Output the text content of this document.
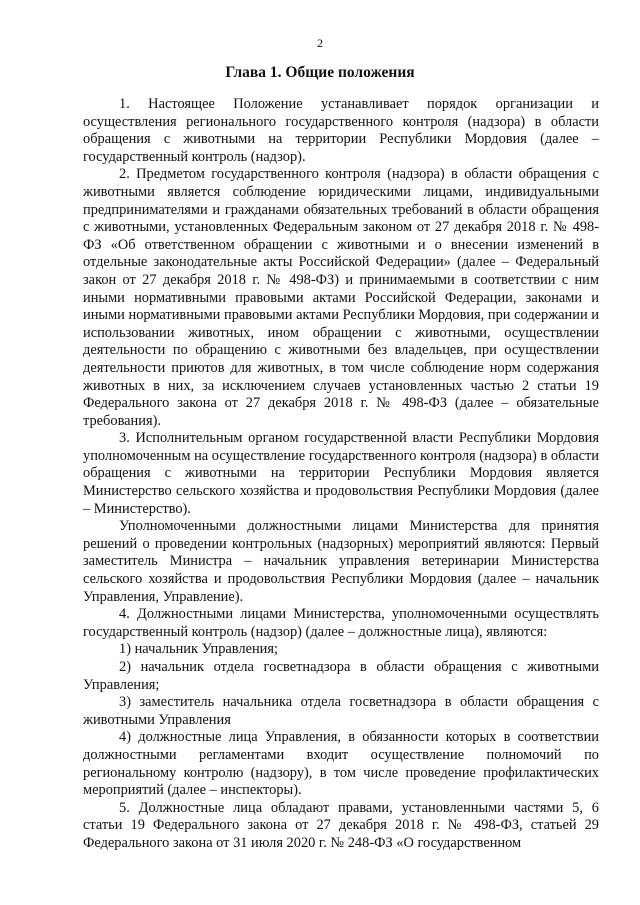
2
Глава 1. Общие положения

1. Настоящее Положение устанавливает порядок организации и осуществления регионального государственного контроля (надзора) в области обращения с животными на территории Республики Мордовия (далее – государственный контроль (надзор).

2. Предметом государственного контроля (надзора) в области обращения с животными является соблюдение юридическими лицами, индивидуальными предпринимателями и гражданами обязательных требований в области обращения с животными, установленных Федеральным законом от 27 декабря 2018 г. № 498-ФЗ «Об ответственном обращении с животными и о внесении изменений в отдельные законодательные акты Российской Федерации» (далее – Федеральный закон от 27 декабря 2018 г. № 498-ФЗ) и принимаемыми в соответствии с ним иными нормативными правовыми актами Российской Федерации, законами и иными нормативными правовыми актами Республики Мордовия, при содержании и использовании животных, ином обращении с животными, осуществлении деятельности по обращению с животными без владельцев, при осуществлении деятельности приютов для животных, в том числе соблюдение норм содержания животных в них, за исключением случаев установленных частью 2 статьи 19 Федерального закона от 27 декабря 2018 г. № 498-ФЗ (далее – обязательные требования).

3. Исполнительным органом государственной власти Республики Мордовия уполномоченным на осуществление государственного контроля (надзора) в области обращения с животными на территории Республики Мордовия является Министерство сельского хозяйства и продовольствия Республики Мордовия (далее – Министерство).

Уполномоченными должностными лицами Министерства для принятия решений о проведении контрольных (надзорных) мероприятий являются: Первый заместитель Министра – начальник управления ветеринарии Министерства сельского хозяйства и продовольствия Республики Мордовия (далее – начальник Управления, Управление).

4. Должностными лицами Министерства, уполномоченными осуществлять государственный контроль (надзор) (далее – должностные лица), являются:

1) начальник Управления;

2) начальник отдела госветнадзора в области обращения с животными Управления;

3) заместитель начальника отдела госветнадзора в области обращения с животными Управления

4) должностные лица Управления, в обязанности которых в соответствии должностными регламентами входит осуществление полномочий по региональному контролю (надзору), в том числе проведение профилактических мероприятий (далее – инспекторы).

5. Должностные лица обладают правами, установленными частями 5, 6 статьи 19 Федерального закона от 27 декабря 2018 г. № 498-ФЗ, статьей 29 Федерального закона от 31 июля 2020 г. № 248-ФЗ «О государственном
